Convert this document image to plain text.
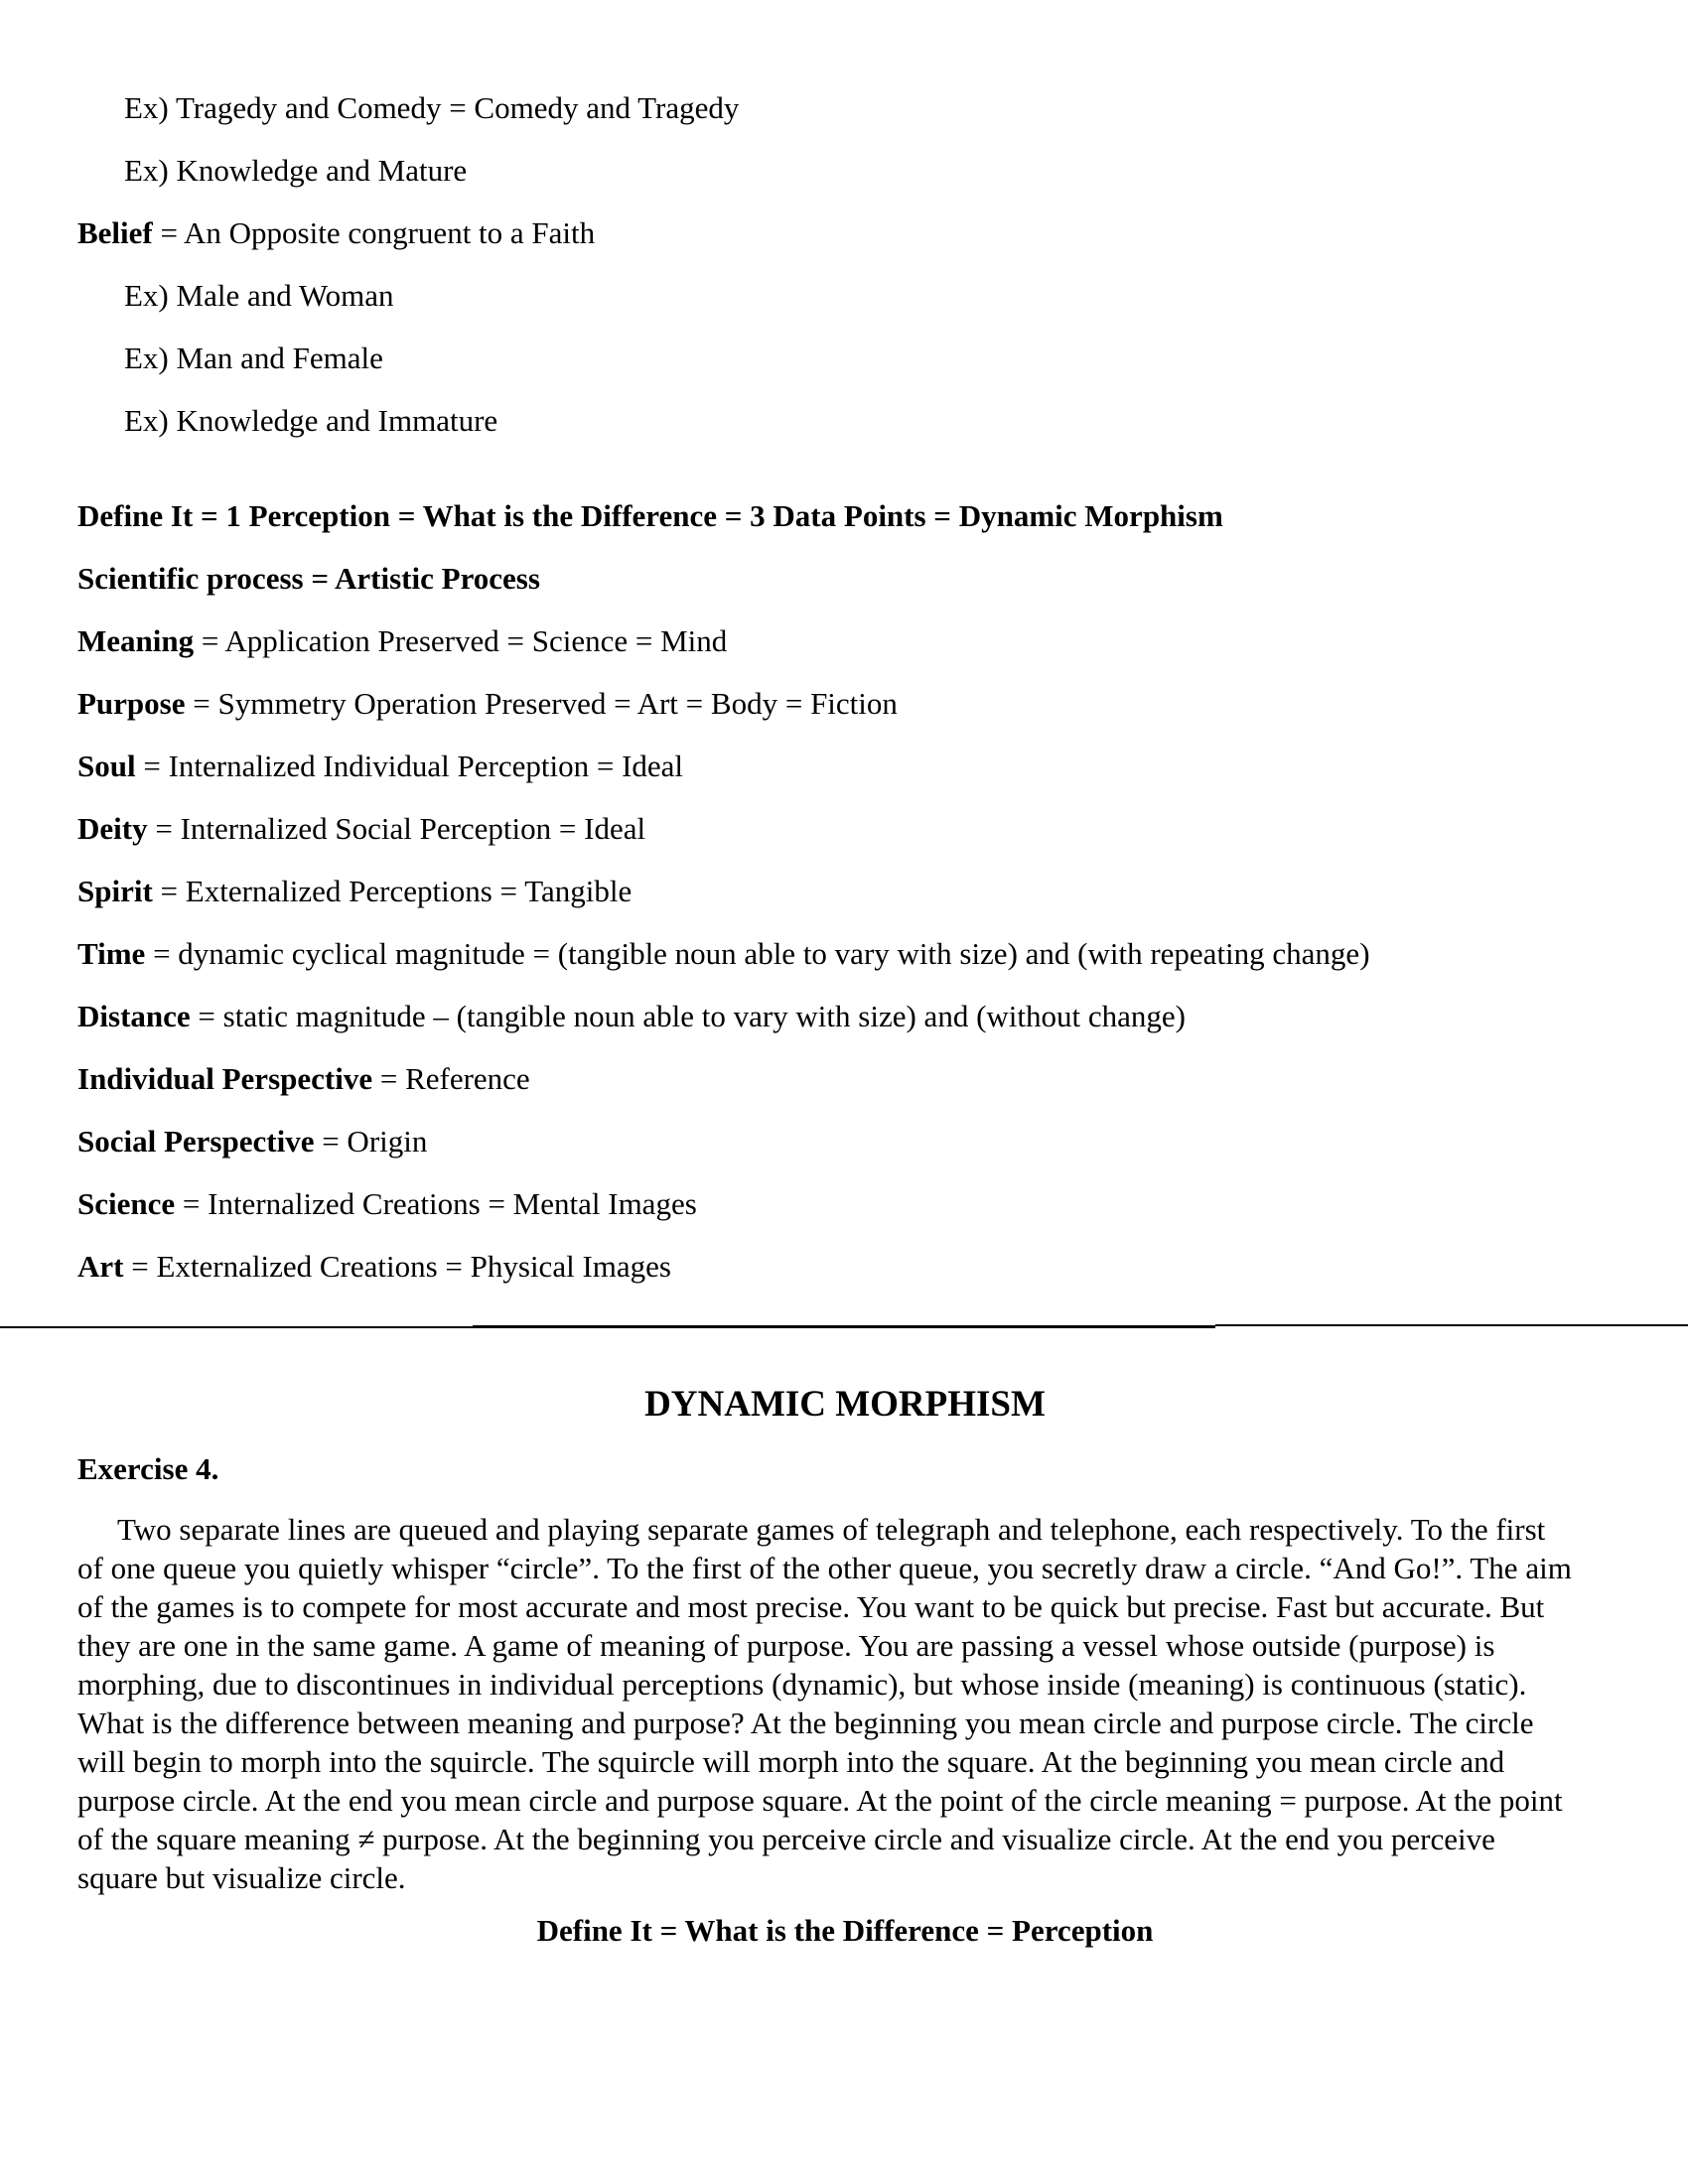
Ex) Tragedy and Comedy = Comedy and Tragedy

Ex) Knowledge and Mature

Belief = An Opposite congruent to a Faith

Ex) Male and Woman

Ex) Man and Female

Ex) Knowledge and Immature

Define It = 1 Perception = What is the Difference = 3 Data Points = Dynamic Morphism

Scientific process = Artistic Process

Meaning = Application Preserved = Science = Mind

Purpose = Symmetry Operation Preserved = Art = Body = Fiction

Soul = Internalized Individual Perception = Ideal

Deity = Internalized Social Perception = Ideal

Spirit = Externalized Perceptions = Tangible

Time = dynamic cyclical magnitude = (tangible noun able to vary with size) and (with repeating change)

Distance = static magnitude – (tangible noun able to vary with size) and (without change)

Individual Perspective = Reference

Social Perspective = Origin

Science = Internalized Creations = Mental Images

Art = Externalized Creations = Physical Images

DYNAMIC MORPHISM

Exercise 4.

Two separate lines are queued and playing separate games of telegraph and telephone, each respectively. To the first of one queue you quietly whisper “circle”. To the first of the other queue, you secretly draw a circle. “And Go!”. The aim of the games is to compete for most accurate and most precise. You want to be quick but precise. Fast but accurate. But they are one in the same game. A game of meaning of purpose. You are passing a vessel whose outside (purpose) is morphing, due to discontinues in individual perceptions (dynamic), but whose inside (meaning) is continuous (static). What is the difference between meaning and purpose? At the beginning you mean circle and purpose circle. The circle will begin to morph into the squircle. The squircle will morph into the square. At the beginning you mean circle and purpose circle. At the end you mean circle and purpose square. At the point of the circle meaning = purpose. At the point of the square meaning ≠ purpose. At the beginning you perceive circle and visualize circle. At the end you perceive square but visualize circle.

Define It = What is the Difference = Perception
